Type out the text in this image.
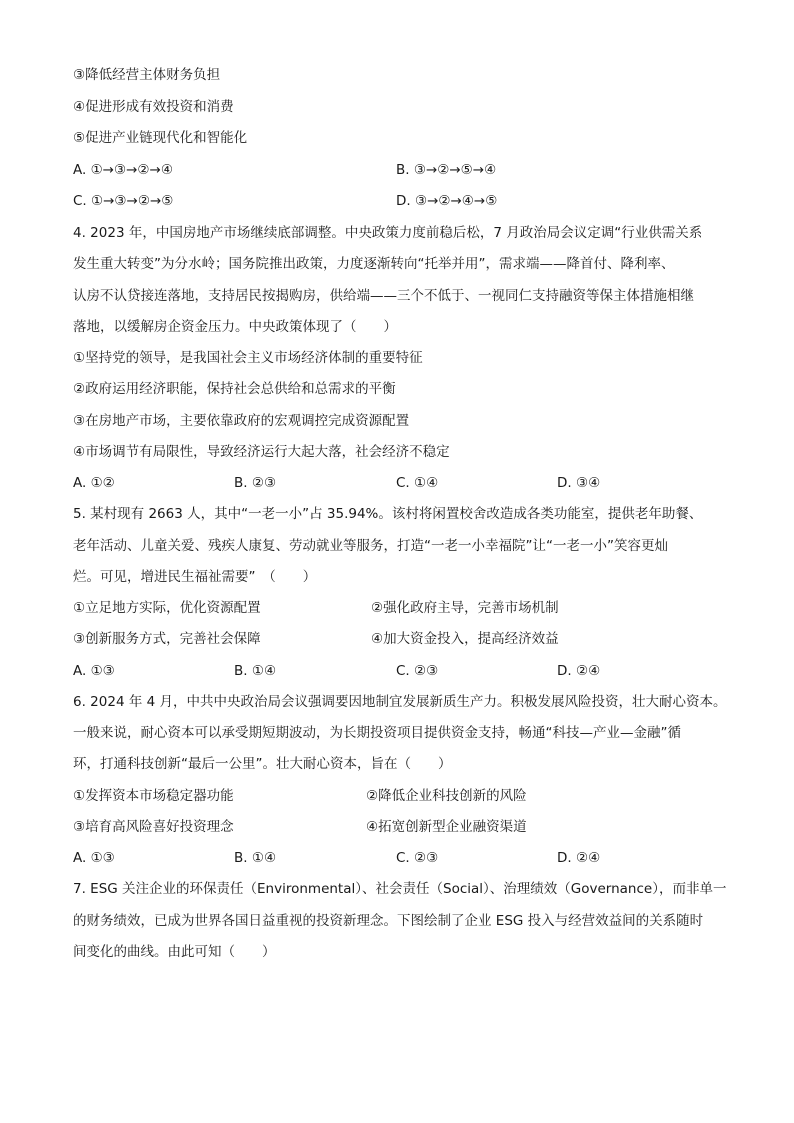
③降低经营主体财务负担
④促进形成有效投资和消费
⑤促进产业链现代化和智能化
A. ①→③→②→④	B. ③→②→⑤→④
C. ①→③→②→⑤	D. ③→②→④→⑤
4. 2023 年，中国房地产市场继续底部调整。中央政策力度前稳后松，7 月政治局会议定调“行业供需关系
发生重大转变”为分水岭；国务院推出政策，力度逐渐转向“托举并用”，需求端——降首付、降利率、
认房不认贷接连落地，支持居民按揭购房，供给端——三个不低于、一视同仁支持融资等保主体措施相继
落地，以缓解房企资金压力。中央政策体现了（　　）
①坚持党的领导，是我国社会主义市场经济体制的重要特征
②政府运用经济职能，保持社会总供给和总需求的平衡
③在房地产市场，主要依靠政府的宏观调控完成资源配置
④市场调节有局限性，导致经济运行大起大落，社会经济不稳定
A. ①②	B. ②③	C. ①④	D. ③④
5. 某村现有 2663 人，其中“一老一小”占 35.94%。该村将闲置校舍改造成各类功能室，提供老年助餐、
老年活动、儿童关爱、残疾人康复、劳动就业等服务，打造“一老一小幸福院”让“一老一小”笑容更灿
烂。可见，增进民生福祉需要”　（　　）
①立足地方实际，优化资源配置	②强化政府主导，完善市场机制
③创新服务方式，完善社会保障	④加大资金投入，提高经济效益
A. ①③	B. ①④	C. ②③	D. ②④
6. 2024 年 4 月，中共中央政治局会议强调要因地制宜发展新质生产力。积极发展风险投资，壮大耐心资本。
一般来说，耐心资本可以承受期短期波动，为长期投资项目提供资金支持，畅通“科技—产业—金融”循
环，打通科技创新“最后一公里”。壮大耐心资本，旨在（　　）
①发挥资本市场稳定器功能	②降低企业科技创新的风险
③培育高风险喜好投资理念	④拓宽创新型企业融资渠道
A. ①③	B. ①④	C. ②③	D. ②④
7. ESG 关注企业的环保责任（Environmental）、社会责任（Social）、治理绩效（Governance），而非单一
的财务绩效，已成为世界各国日益重视的投资新理念。下图绘制了企业 ESG 投入与经营效益间的关系随时
间变化的曲线。由此可知（　　）
